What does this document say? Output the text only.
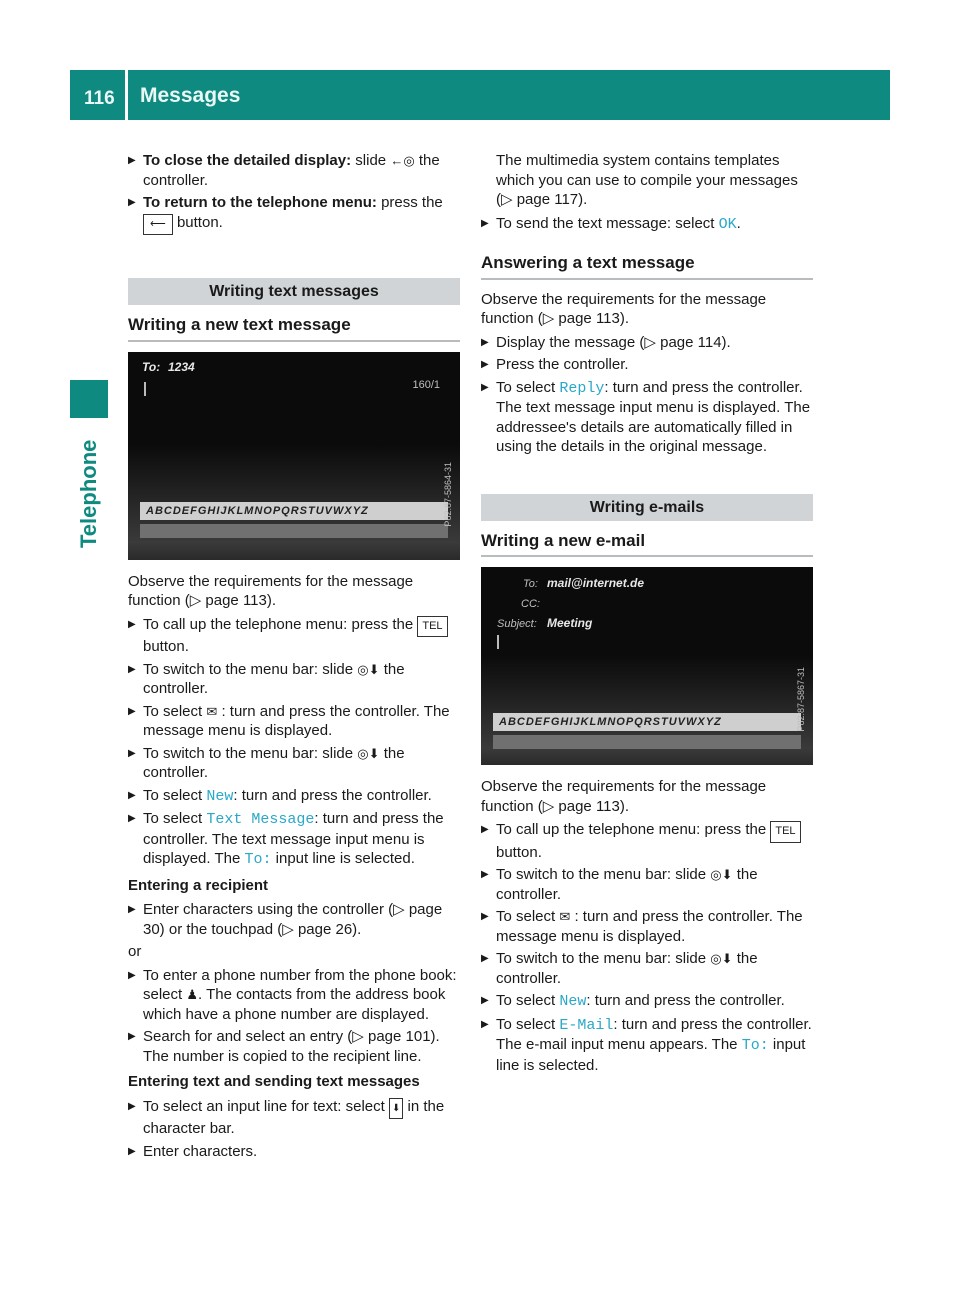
116 Messages
Telephone
▶ To close the detailed display: slide ←◎ the controller.
▶ To return to the telephone menu: press the ⟵ button.
Writing text messages
Writing a new text message
To: 1234
160/1
ABCDEFGHIJKLMNOPQRSTUVWXYZ	P82.87-5864-31
Observe the requirements for the message function (▷ page 113).
▶ To call up the telephone menu: press the TEL button.
▶ To switch to the menu bar: slide ◎⬇ the controller.
▶ To select ✉ : turn and press the controller. The message menu is displayed.
▶ To switch to the menu bar: slide ◎⬇ the controller.
▶ To select New: turn and press the controller.
▶ To select Text Message: turn and press the controller. The text message input menu is displayed. The To: input line is selected.
Entering a recipient
▶ Enter characters using the controller (▷ page 30) or the touchpad (▷ page 26).
or
▶ To enter a phone number from the phone book: select ♟. The contacts from the address book which have a phone number are displayed.
▶ Search for and select an entry (▷ page 101). The number is copied to the recipient line.
Entering text and sending text messages
▶ To select an input line for text: select ⬇ in the character bar.
▶ Enter characters.
The multimedia system contains templates which you can use to compile your messages (▷ page 117).
▶ To send the text message: select OK.
Answering a text message
Observe the requirements for the message function (▷ page 113).
▶ Display the message (▷ page 114).
▶ Press the controller.
▶ To select Reply: turn and press the controller. The text message input menu is displayed. The addressee's details are automatically filled in using the details in the original message.
Writing e-mails
Writing a new e-mail
To: mail@internet.de
CC:
Subject: Meeting
ABCDEFGHIJKLMNOPQRSTUVWXYZ	P82.87-5867-31
Observe the requirements for the message function (▷ page 113).
▶ To call up the telephone menu: press the TEL button.
▶ To switch to the menu bar: slide ◎⬇ the controller.
▶ To select ✉ : turn and press the controller. The message menu is displayed.
▶ To switch to the menu bar: slide ◎⬇ the controller.
▶ To select New: turn and press the controller.
▶ To select E-Mail: turn and press the controller. The e-mail input menu appears. The To: input line is selected.
